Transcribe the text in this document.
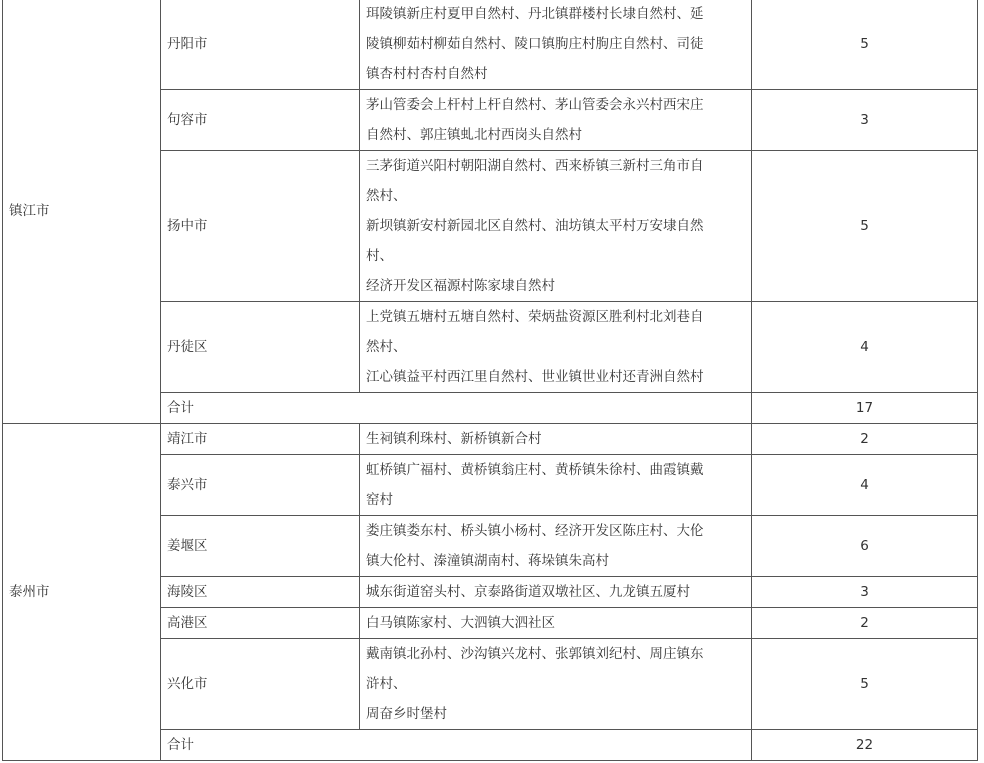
镇江市	丹阳市	珥陵镇新庄村夏甲自然村、丹北镇群楼村长埭自然村、延
陵镇柳茹村柳茹自然村、陵口镇朐庄村朐庄自然村、司徒
镇杏村村杏村自然村	5
	句容市	茅山管委会上杆村上杆自然村、茅山管委会永兴村西宋庄
自然村、郭庄镇虬北村西岗头自然村	3
	扬中市	三茅街道兴阳村朝阳湖自然村、西来桥镇三新村三角市自
然村、
新坝镇新安村新园北区自然村、油坊镇太平村万安埭自然
村、
经济开发区福源村陈家埭自然村	5
	丹徒区	上党镇五塘村五塘自然村、荣炳盐资源区胜利村北刘巷自
然村、
江心镇益平村西江里自然村、世业镇世业村还青洲自然村	4
	合计		17
泰州市	靖江市	生祠镇利珠村、新桥镇新合村	2
	泰兴市	虹桥镇广福村、黄桥镇翁庄村、黄桥镇朱徐村、曲霞镇戴
窑村	4
	姜堰区	娄庄镇娄东村、桥头镇小杨村、经济开发区陈庄村、大伦
镇大伦村、溱潼镇湖南村、蒋垛镇朱高村	6
	海陵区	城东街道窑头村、京泰路街道双墩社区、九龙镇五厦村	3
	高港区	白马镇陈家村、大泗镇大泗社区	2
	兴化市	戴南镇北孙村、沙沟镇兴龙村、张郭镇刘纪村、周庄镇东
浒村、
周奋乡时堡村	5
	合计		22
